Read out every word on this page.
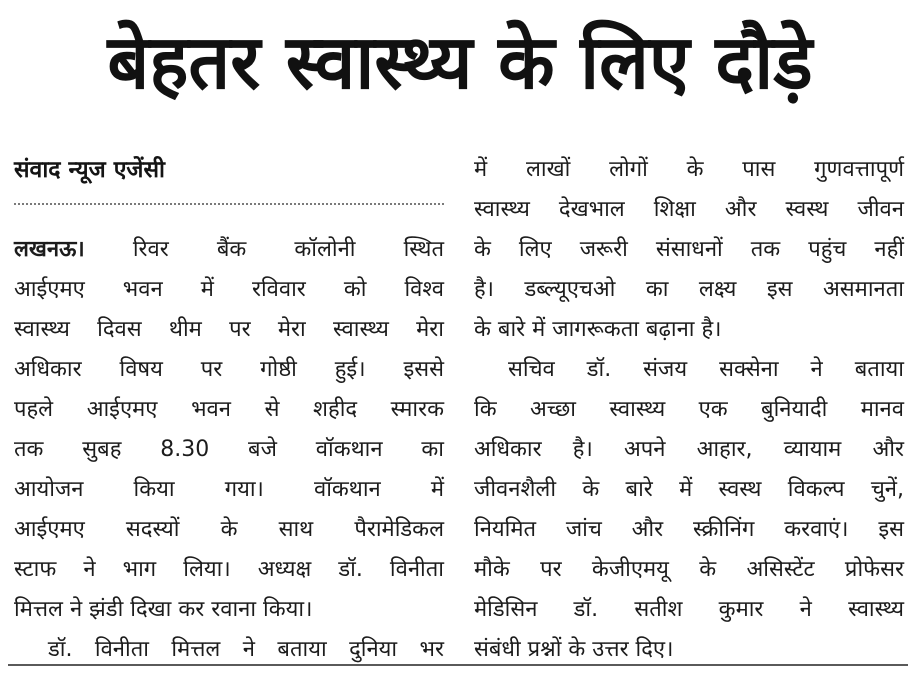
बेहतर स्वास्थ्य के लिए दौड़े
संवाद न्यूज एजेंसी
लखनऊ। रिवर बैंक कॉलोनी स्थित
आईएमए भवन में रविवार को विश्व
स्वास्थ्य दिवस थीम पर मेरा स्वास्थ्य मेरा
अधिकार विषय पर गोष्ठी हुई। इससे
पहले आईएमए भवन से शहीद स्मारक
तक सुबह 8.30 बजे वॉकथान का
आयोजन किया गया। वॉकथान में
आईएमए सदस्यों के साथ पैरामेडिकल
स्टाफ ने भाग लिया। अध्यक्ष डॉ. विनीता
मित्तल ने झंडी दिखा कर रवाना किया।
डॉ. विनीता मित्तल ने बताया दुनिया भर
में लाखों लोगों के पास गुणवत्तापूर्ण
स्वास्थ्य देखभाल शिक्षा और स्वस्थ जीवन
के लिए जरूरी संसाधनों तक पहुंच नहीं
है। डब्ल्यूएचओ का लक्ष्य इस असमानता
के बारे में जागरूकता बढ़ाना है।
सचिव डॉ. संजय सक्सेना ने बताया
कि अच्छा स्वास्थ्य एक बुनियादी मानव
अधिकार है। अपने आहार, व्यायाम और
जीवनशैली के बारे में स्वस्थ विकल्प चुनें,
नियमित जांच और स्क्रीनिंग करवाएं। इस
मौके पर केजीएमयू के असिस्टेंट प्रोफेसर
मेडिसिन डॉ. सतीश कुमार ने स्वास्थ्य
संबंधी प्रश्नों के उत्तर दिए।
